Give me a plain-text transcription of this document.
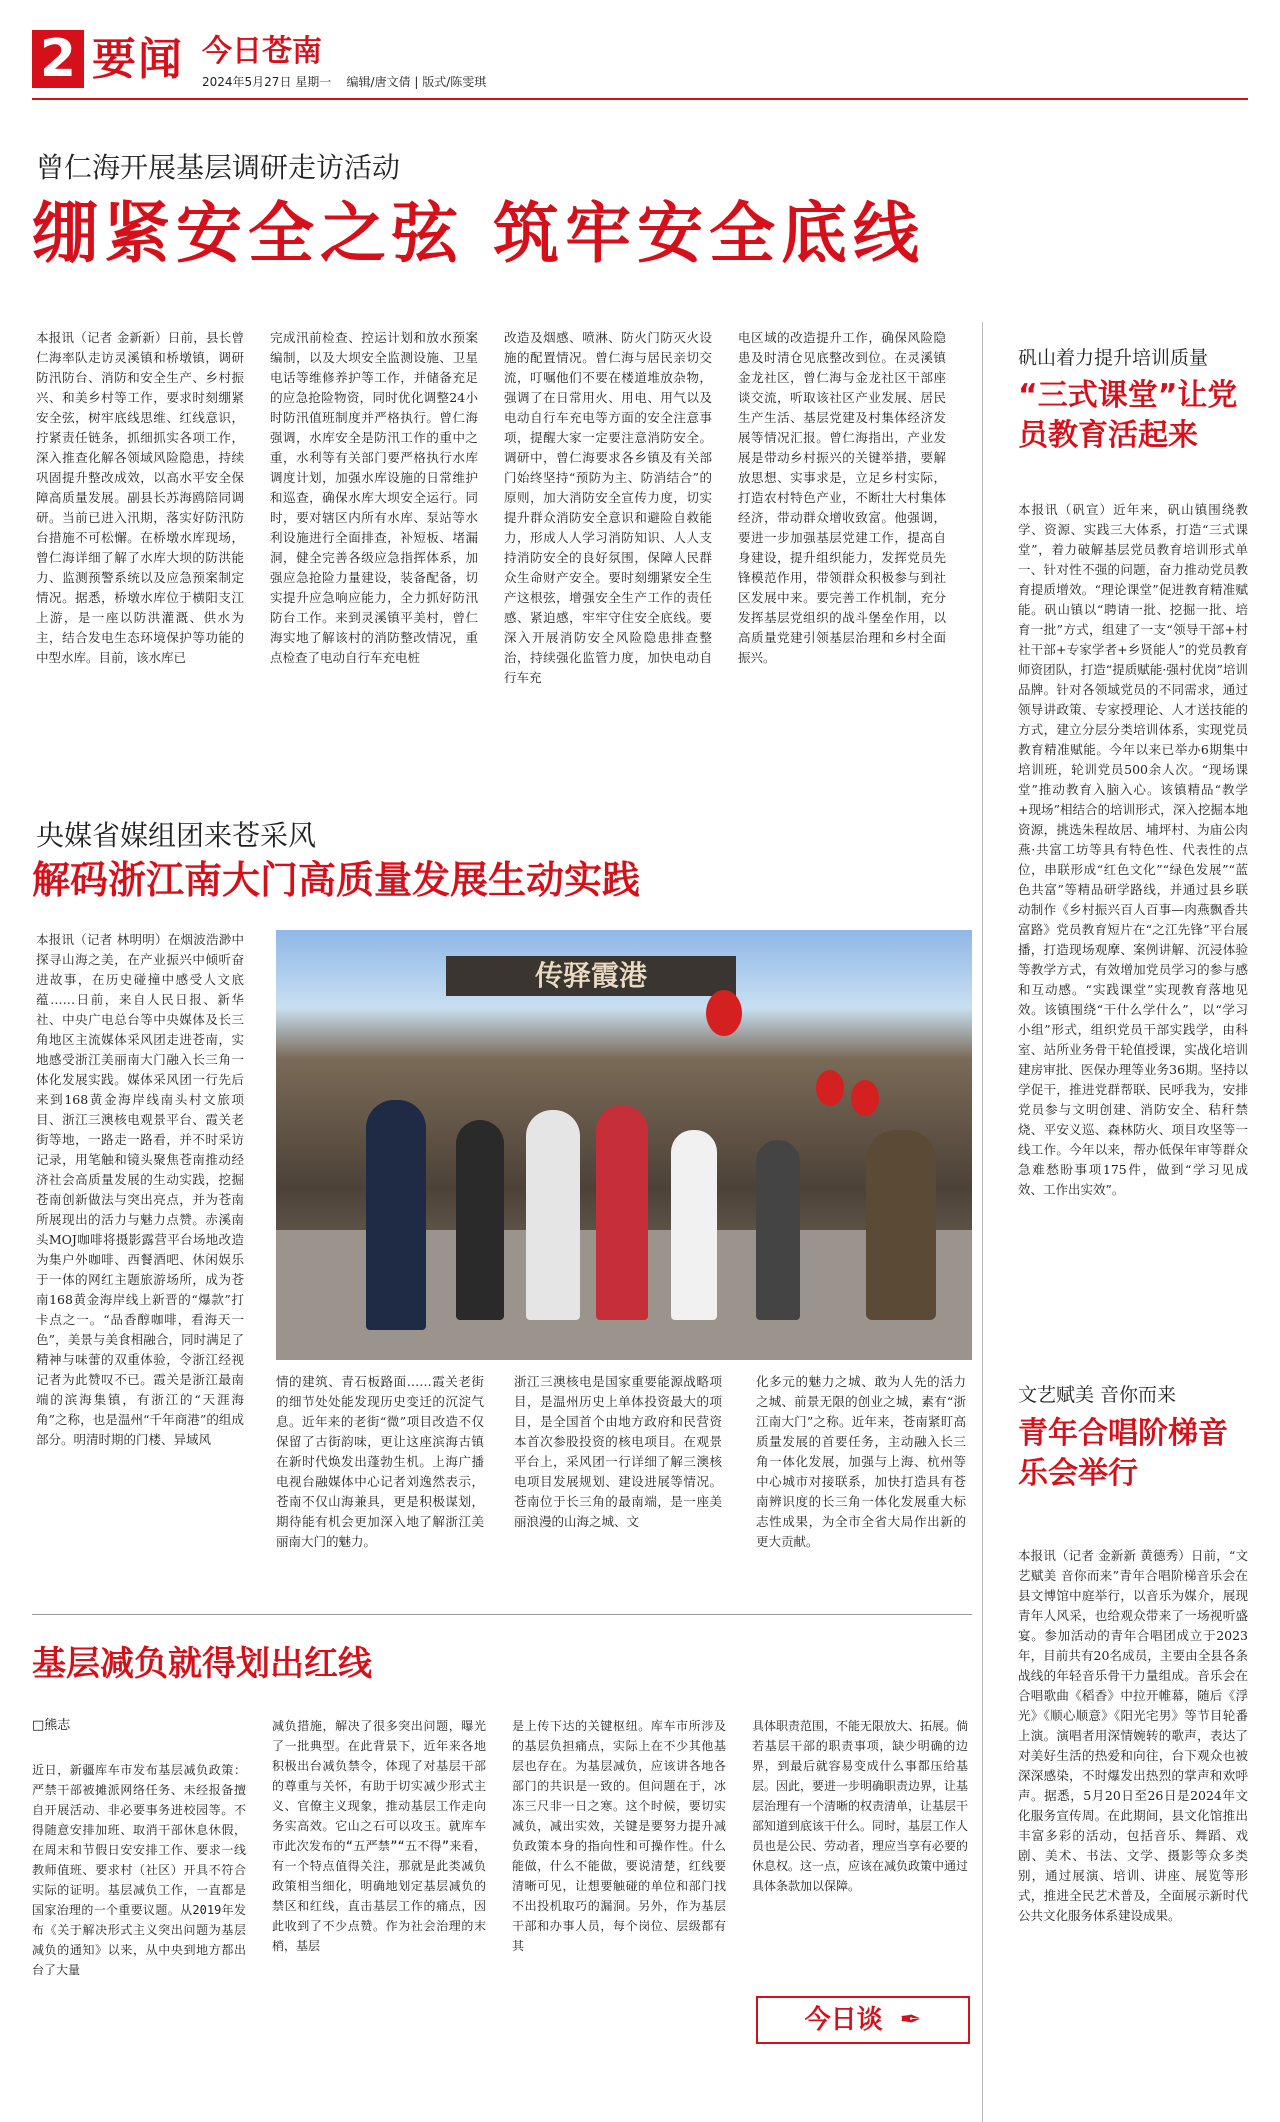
2 要闻 今日苍南
2024年5月27日 星期一 编辑/唐文倩 | 版式/陈雯琪
曾仁海开展基层调研走访活动
绷紧安全之弦 筑牢安全底线
本报讯（记者 金新新）日前，县长曾仁海率队走访灵溪镇和桥墩镇，调研防汛防台、消防和安全生产、乡村振兴、和美乡村等工作，要求时刻绷紧安全弦，树牢底线思维、红线意识，拧紧责任链条，抓细抓实各项工作，深入推查化解各领域风险隐患，持续巩固提升整改成效，以高水平安全保障高质量发展。副县长苏海鸥陪同调研。当前已进入汛期，落实好防汛防台措施不可松懈。在桥墩水库现场，曾仁海详细了解了水库大坝的防洪能力、监测预警系统以及应急预案制定情况。据悉，桥墩水库位于横阳支江上游，是一座以防洪灌溉、供水为主，结合发电生态环境保护等功能的中型水库。目前，该水库已
完成汛前检查、控运计划和放水预案编制，以及大坝安全监测设施、卫星电话等维修养护等工作，并储备充足的应急抢险物资，同时优化调整24小时防汛值班制度并严格执行。曾仁海强调，水库安全是防汛工作的重中之重，水利等有关部门要严格执行水库调度计划，加强水库设施的日常维护和巡查，确保水库大坝安全运行。同时，要对辖区内所有水库、泵站等水利设施进行全面排查，补短板、堵漏洞，健全完善各级应急指挥体系，加强应急抢险力量建设，装备配备，切实提升应急响应能力，全力抓好防汛防台工作。来到灵溪镇平美村，曾仁海实地了解该村的消防整改情况，重点检查了电动自行车充电桩
改造及烟感、喷淋、防火门防灭火设施的配置情况。曾仁海与居民亲切交流，叮嘱他们不要在楼道堆放杂物，强调了在日常用火、用电、用气以及电动自行车充电等方面的安全注意事项，提醒大家一定要注意消防安全。调研中，曾仁海要求各乡镇及有关部门始终坚持“预防为主、防消结合”的原则，加大消防安全宣传力度，切实提升群众消防安全意识和避险自救能力，形成人人学习消防知识、人人支持消防安全的良好氛围，保障人民群众生命财产安全。要时刻绷紧安全生产这根弦，增强安全生产工作的责任感、紧迫感，牢牢守住安全底线。要深入开展消防安全风险隐患排查整治，持续强化监管力度，加快电动自行车充
电区域的改造提升工作，确保风险隐患及时清仓见底整改到位。在灵溪镇金龙社区，曾仁海与金龙社区干部座谈交流，听取该社区产业发展、居民生产生活、基层党建及村集体经济发展等情况汇报。曾仁海指出，产业发展是带动乡村振兴的关键举措，要解放思想、实事求是，立足乡村实际，打造农村特色产业，不断壮大村集体经济，带动群众增收致富。他强调，要进一步加强基层党建工作，提高自身建设，提升组织能力，发挥党员先锋模范作用，带领群众积极参与到社区发展中来。要完善工作机制，充分发挥基层党组织的战斗堡垒作用，以高质量党建引领基层治理和乡村全面振兴。
矾山着力提升培训质量
“三式课堂”让党员教育活起来
本报讯（矾宣）近年来，矾山镇围绕教学、资源、实践三大体系，打造“三式课堂”，着力破解基层党员教育培训形式单一、针对性不强的问题，奋力推动党员教育提质增效。“理论课堂”促进教育精准赋能。矾山镇以“聘请一批、挖掘一批、培育一批”方式，组建了一支“领导干部+村社干部+专家学者+乡贤能人”的党员教育师资团队，打造“提质赋能·强村优岗”培训品牌。针对各领域党员的不同需求，通过领导讲政策、专家授理论、人才送技能的方式，建立分层分类培训体系，实现党员教育精准赋能。今年以来已举办6期集中培训班，轮训党员500余人次。“现场课堂”推动教育入脑入心。该镇精品“教学+现场”相结合的培训形式，深入挖掘本地资源，挑选朱程故居、埔坪村、为庙公肉燕·共富工坊等具有特色性、代表性的点位，串联形成“红色文化”“绿色发展”“蓝色共富”等精品研学路线，并通过县乡联动制作《乡村振兴百人百事—肉燕飘香共富路》党员教育短片在“之江先锋”平台展播，打造现场观摩、案例讲解、沉浸体验等教学方式，有效增加党员学习的参与感和互动感。“实践课堂”实现教育落地见效。该镇围绕“干什么学什么”，以“学习小组”形式，组织党员干部实践学，由科室、站所业务骨干轮值授课，实战化培训建房审批、医保办理等业务36期。坚持以学促干，推进党群帮联、民呼我为，安排党员参与文明创建、消防安全、秸秆禁烧、平安义巡、森林防火、项目攻坚等一线工作。今年以来，帮办低保年审等群众急难愁盼事项175件，做到“学习见成效、工作出实效”。
央媒省媒组团来苍采风
解码浙江南大门高质量发展生动实践
本报讯（记者 林明明）在烟波浩渺中探寻山海之美，在产业振兴中倾听奋进故事，在历史碰撞中感受人文底蕴……日前，来自人民日报、新华社、中央广电总台等中央媒体及长三角地区主流媒体采风团走进苍南，实地感受浙江美丽南大门融入长三角一体化发展实践。媒体采风团一行先后来到168黄金海岸线南头村文旅项目、浙江三澳核电观景平台、霞关老街等地，一路走一路看，并不时采访记录，用笔触和镜头聚焦苍南推动经济社会高质量发展的生动实践，挖掘苍南创新做法与突出亮点，并为苍南所展现出的活力与魅力点赞。赤溪南头MOJ咖啡将摄影露营平台场地改造为集户外咖啡、西餐酒吧、休闲娱乐于一体的网红主题旅游场所，成为苍南168黄金海岸线上新晋的“爆款”打卡点之一。“品香醇咖啡，看海天一色”，美景与美食相融合，同时满足了精神与味蕾的双重体验，令浙江经视记者为此赞叹不已。霞关是浙江最南端的滨海集镇，有浙江的“天涯海角”之称，也是温州“千年商港”的组成部分。明清时期的门楼、异域风
传驿霞港
情的建筑、青石板路面……霞关老街的细节处处能发现历史变迁的沉淀气息。近年来的老街“微”项目改造不仅保留了古街韵味，更让这座滨海古镇在新时代焕发出蓬勃生机。上海广播电视台融媒体中心记者刘逸然表示，苍南不仅山海兼具，更是积极谋划，期待能有机会更加深入地了解浙江美丽南大门的魅力。
浙江三澳核电是国家重要能源战略项目，是温州历史上单体投资最大的项目，是全国首个由地方政府和民营资本首次参股投资的核电项目。在观景平台上，采风团一行详细了解三澳核电项目发展规划、建设进展等情况。苍南位于长三角的最南端，是一座美丽浪漫的山海之城、文
化多元的魅力之城、敢为人先的活力之城、前景无限的创业之城，素有“浙江南大门”之称。近年来，苍南紧盯高质量发展的首要任务，主动融入长三角一体化发展，加强与上海、杭州等中心城市对接联系，加快打造具有苍南辨识度的长三角一体化发展重大标志性成果，为全市全省大局作出新的更大贡献。
文艺赋美 音你而来
青年合唱阶梯音乐会举行
本报讯（记者 金新新 黄德秀）日前，“文艺赋美 音你而来”青年合唱阶梯音乐会在县文博馆中庭举行，以音乐为媒介，展现青年人风采，也给观众带来了一场视听盛宴。参加活动的青年合唱团成立于2023年，目前共有20名成员，主要由全县各条战线的年轻音乐骨干力量组成。音乐会在合唱歌曲《稻香》中拉开帷幕，随后《浮光》《顺心顺意》《阳光宅男》等节目轮番上演。演唱者用深情婉转的歌声，表达了对美好生活的热爱和向往，台下观众也被深深感染，不时爆发出热烈的掌声和欢呼声。据悉，5月20日至26日是2024年文化服务宣传周。在此期间，县文化馆推出丰富多彩的活动，包括音乐、舞蹈、戏剧、美术、书法、文学、摄影等众多类别，通过展演、培训、讲座、展览等形式，推进全民艺术普及，全面展示新时代公共文化服务体系建设成果。
基层减负就得划出红线
□熊志
近日，新疆库车市发布基层减负政策：严禁干部被摊派网络任务、未经报备擅自开展活动、非必要事务进校园等。不得随意安排加班、取消干部休息休假，在周末和节假日安安排工作、要求一线教师值班、要求村（社区）开具不符合实际的证明。基层减负工作，一直都是国家治理的一个重要议题。从2019年发布《关于解决形式主义突出问题为基层减负的通知》以来，从中央到地方都出台了大量
减负措施，解决了很多突出问题，曝光了一批典型。在此背景下，近年来各地积极出台减负禁令，体现了对基层干部的尊重与关怀，有助于切实减少形式主义、官僚主义现象，推动基层工作走向务实高效。它山之石可以攻玉。就库车市此次发布的“五严禁”“五不得”来看，有一个特点值得关注，那就是此类减负政策相当细化，明确地划定基层减负的禁区和红线，直击基层工作的痛点，因此收到了不少点赞。作为社会治理的末梢，基层
是上传下达的关键枢纽。库车市所涉及的基层负担痛点，实际上在不少其他基层也存在。为基层减负，应该讲各地各部门的共识是一致的。但问题在于，冰冻三尺非一日之寒。这个时候，要切实减负，减出实效，关键是要努力提升减负政策本身的指向性和可操作性。什么能做，什么不能做，要说清楚，红线要清晰可见，让想要触碰的单位和部门找不出投机取巧的漏洞。另外，作为基层干部和办事人员，每个岗位、层级都有其
具体职责范围，不能无限放大、拓展。倘若基层干部的职责事项，缺少明确的边界，到最后就容易变成什么事都压给基层。因此，要进一步明确职责边界，让基层治理有一个清晰的权责清单，让基层干部知道到底该干什么。同时，基层工作人员也是公民、劳动者，理应当享有必要的休息权。这一点，应该在减负政策中通过具体条款加以保障。
今日谈 ✒
